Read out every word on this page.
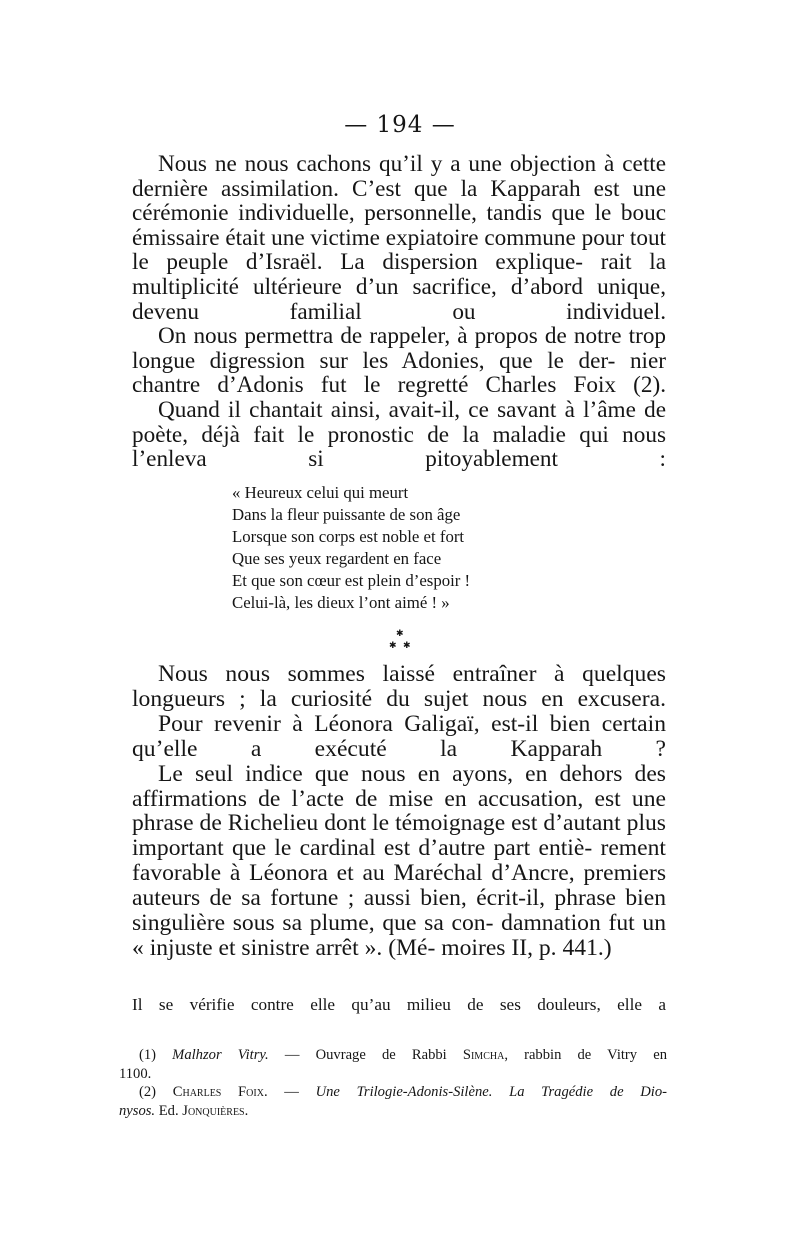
— 194 —

Nous ne nous cachons qu’il y a une objection à cette dernière assimilation. C’est que la Kapparah est une cérémonie individuelle, personnelle, tandis que le bouc émissaire était une victime expiatoire commune pour tout le peuple d’Israël. La dispersion explique- rait la multiplicité ultérieure d’un sacrifice, d’abord unique, devenu familial ou individuel.

On nous permettra de rappeler, à propos de notre trop longue digression sur les Adonies, que le der- nier chantre d’Adonis fut le regretté Charles Foix (2).

Quand il chantait ainsi, avait-il, ce savant à l’âme de poète, déjà fait le pronostic de la maladie qui nous l’enleva si pitoyablement :

« Heureux celui qui meurt
Dans la fleur puissante de son âge
Lorsque son corps est noble et fort
Que ses yeux regardent en face
Et que son cœur est plein d’espoir !
Celui-là, les dieux l’ont aimé ! »
✱
✱ ✱

Nous nous sommes laissé entraîner à quelques longueurs ; la curiosité du sujet nous en excusera.

Pour revenir à Léonora Galigaï, est-il bien certain qu’elle a exécuté la Kapparah ?

Le seul indice que nous en ayons, en dehors des affirmations de l’acte de mise en accusation, est une phrase de Richelieu dont le témoignage est d’autant plus important que le cardinal est d’autre part entiè- rement favorable à Léonora et au Maréchal d’Ancre, premiers auteurs de sa fortune ; aussi bien, écrit-il, phrase bien singulière sous sa plume, que sa con- damnation fut un « injuste et sinistre arrêt ». (Mé- moires II, p. 441.)

Il se vérifie contre elle qu’au milieu de ses douleurs, elle a

(1) Malhzor Vitry. — Ouvrage de Rabbi Simcha, rabbin de Vitry en
1100.

(2) Charles Foix. — Une Trilogie-Adonis-Silène. La Tragédie de Dio-
nysos. Ed. Jonquières.
